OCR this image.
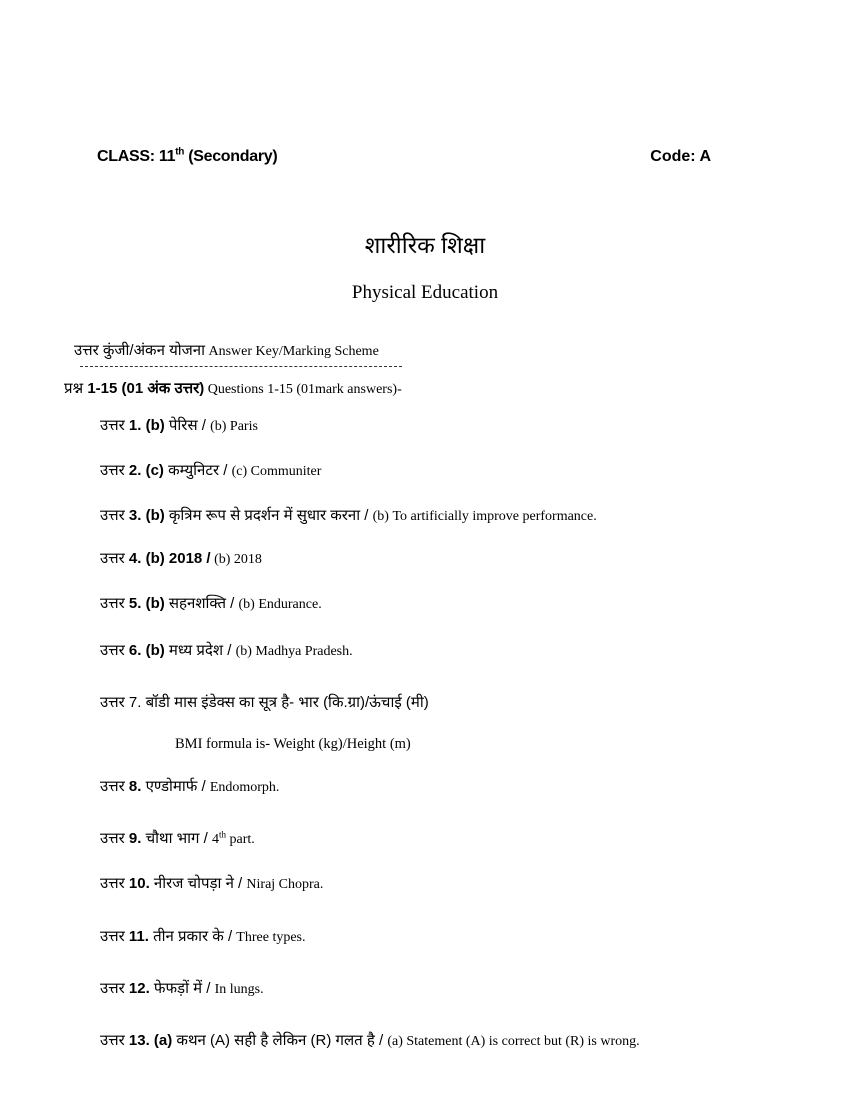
CLASS: 11th (Secondary)	Code: A
शारीरिक शिक्षा
Physical Education
उत्तर कुंजी/अंकन योजना Answer Key/Marking Scheme
प्रश्न 1-15 (01 अंक उत्तर) Questions 1-15 (01mark answers)-
उत्तर 1. (b) पेरिस / (b) Paris
उत्तर 2. (c) कम्युनिटर / (c) Communiter
उत्तर 3. (b) कृत्रिम रूप से प्रदर्शन में सुधार करना / (b) To artificially improve performance.
उत्तर 4. (b) 2018 / (b) 2018
उत्तर 5. (b) सहनशक्ति / (b) Endurance.
उत्तर 6. (b) मध्य प्रदेश / (b) Madhya Pradesh.
उत्तर 7. बॉडी मास इंडेक्स का सूत्र है- भार (कि.ग्रा)/ऊंचाई (मी)
BMI formula is- Weight (kg)/Height (m)
उत्तर 8. एण्डोमार्फ / Endomorph.
उत्तर 9. चौथा भाग / 4th part.
उत्तर 10. नीरज चोपड़ा ने / Niraj Chopra.
उत्तर 11. तीन प्रकार के / Three types.
उत्तर 12. फेफड़ों में / In lungs.
उत्तर 13. (a) कथन (A) सही है लेकिन (R) गलत है / (a) Statement (A) is correct but (R) is wrong.
